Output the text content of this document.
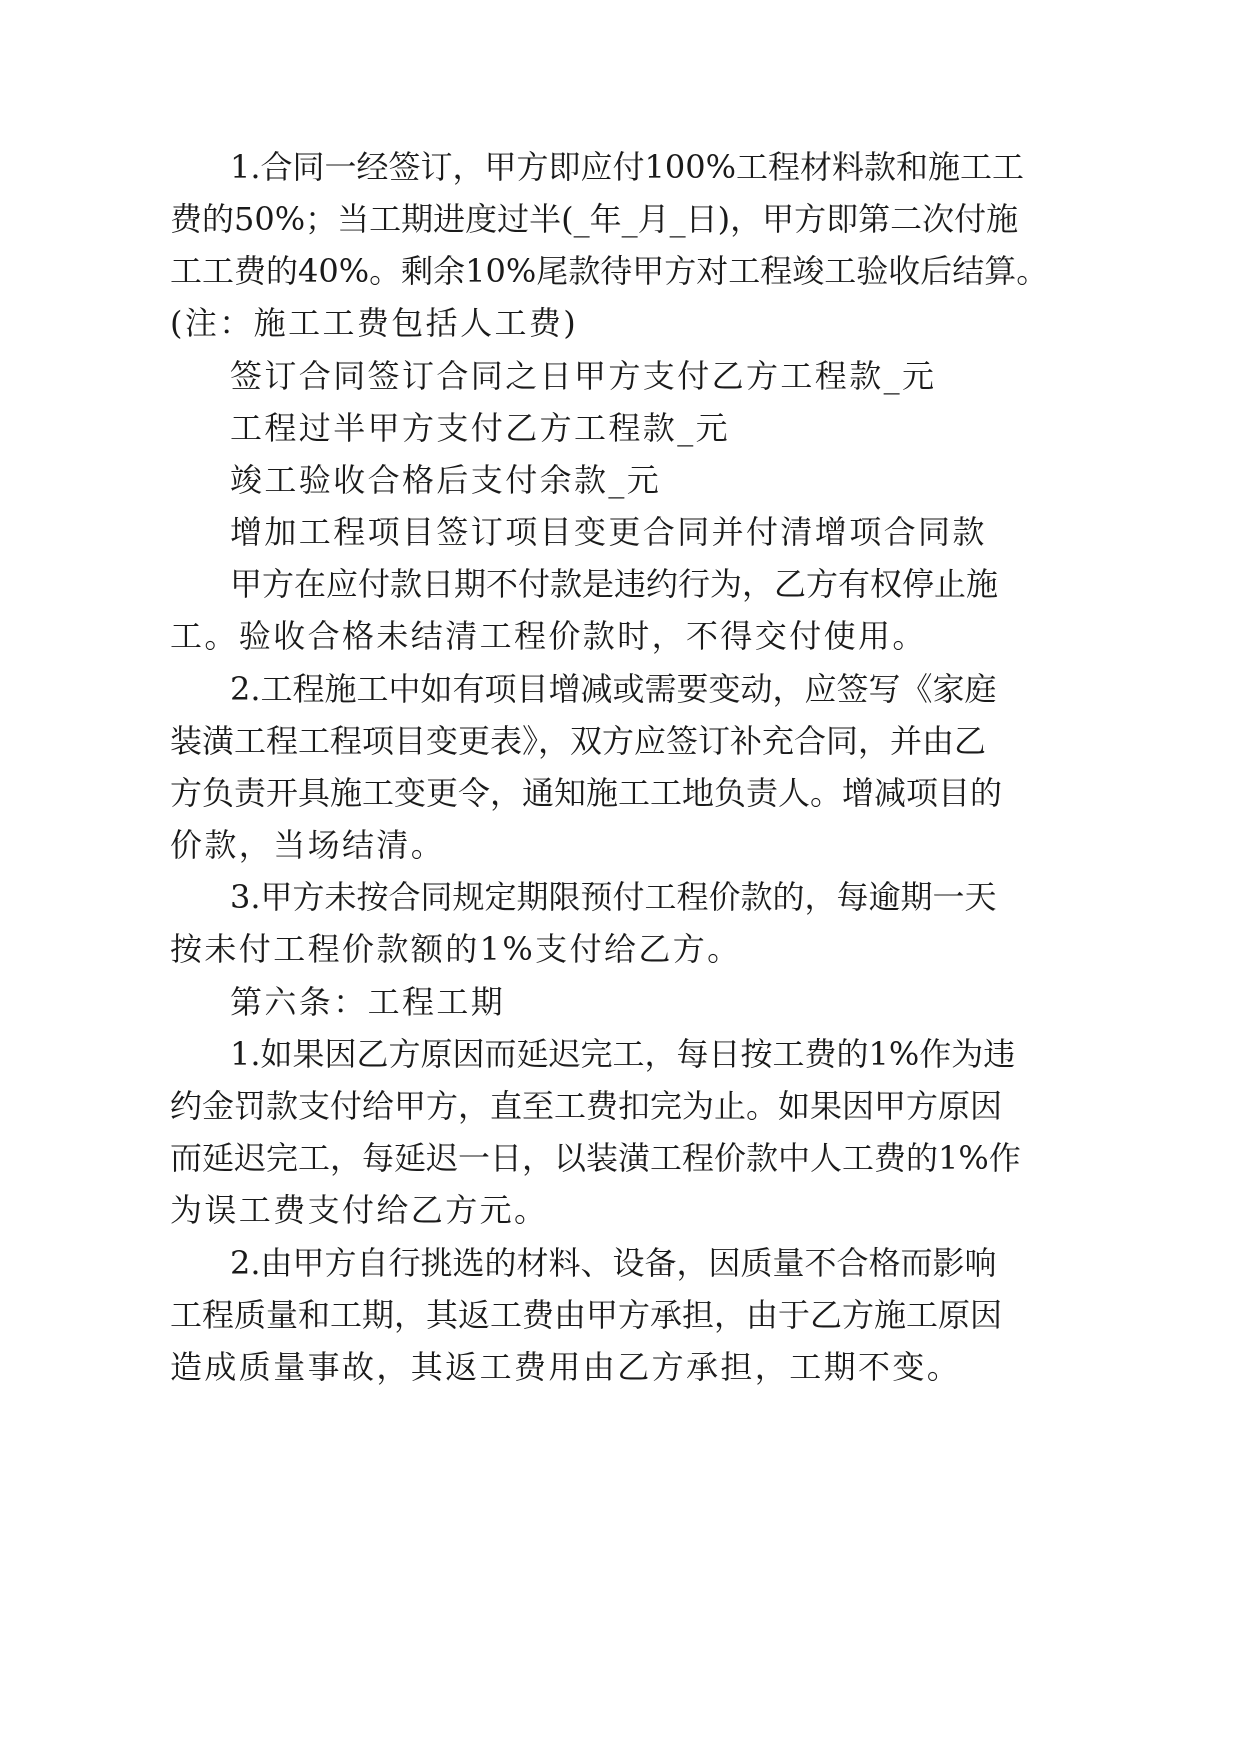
1.合同一经签订，甲方即应付100%工程材料款和施工工
费的50%；当工期进度过半(_年_月_日)，甲方即第二次付施
工工费的40%。剩余10%尾款待甲方对工程竣工验收后结算。
(注：施工工费包括人工费)
签订合同签订合同之日甲方支付乙方工程款_元
工程过半甲方支付乙方工程款_元
竣工验收合格后支付余款_元
增加工程项目签订项目变更合同并付清增项合同款
甲方在应付款日期不付款是违约行为，乙方有权停止施
工。验收合格未结清工程价款时，不得交付使用。
2.工程施工中如有项目增减或需要变动，应签写《家庭
装潢工程工程项目变更表》，双方应签订补充合同，并由乙
方负责开具施工变更令，通知施工工地负责人。增减项目的
价款，当场结清。
3.甲方未按合同规定期限预付工程价款的，每逾期一天
按未付工程价款额的1%支付给乙方。
第六条：工程工期
1.如果因乙方原因而延迟完工，每日按工费的1%作为违
约金罚款支付给甲方，直至工费扣完为止。如果因甲方原因
而延迟完工，每延迟一日，以装潢工程价款中人工费的1%作
为误工费支付给乙方元。
2.由甲方自行挑选的材料、设备，因质量不合格而影响
工程质量和工期，其返工费由甲方承担，由于乙方施工原因
造成质量事故，其返工费用由乙方承担，工期不变。
